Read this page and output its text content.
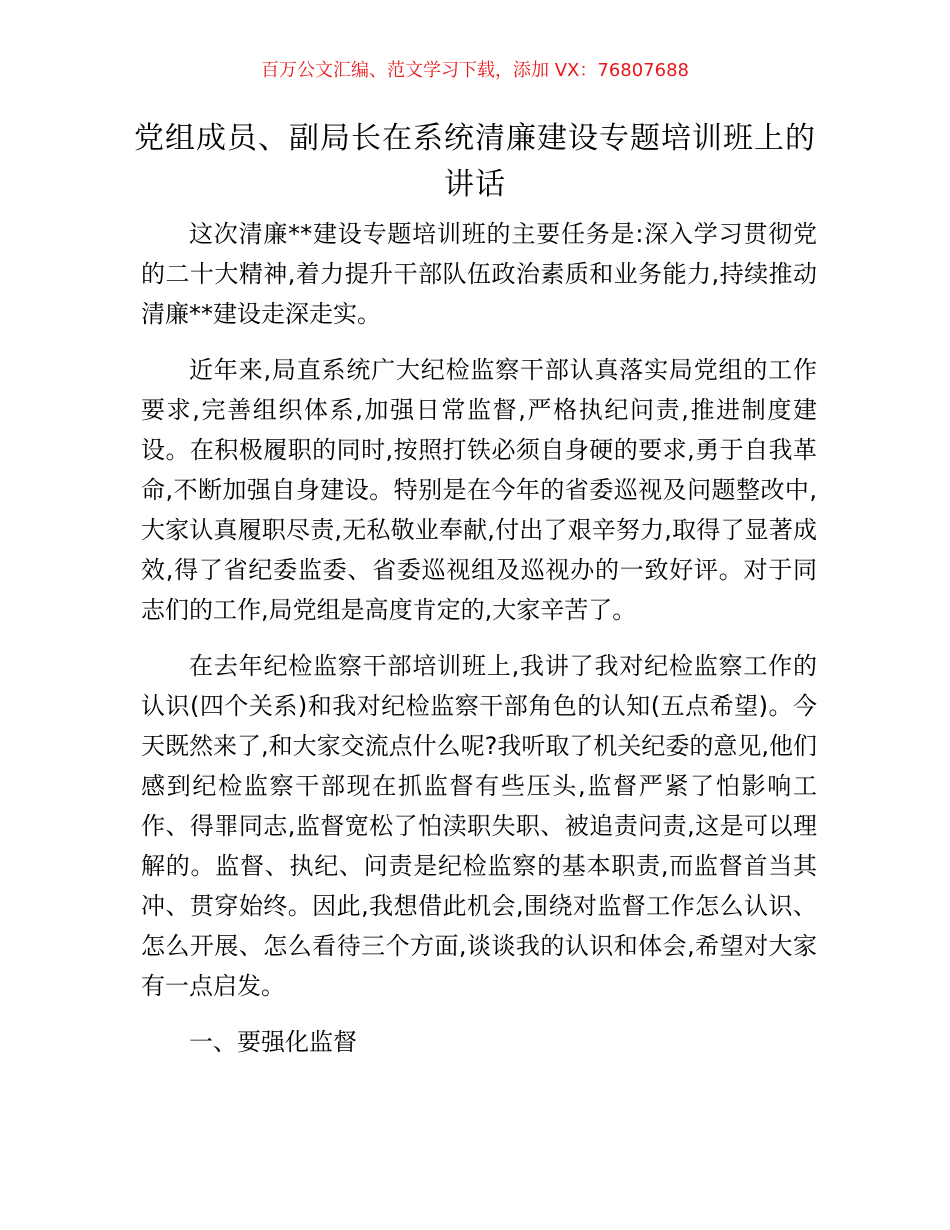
百万公文汇编、范文学习下载，添加 VX：76807688
党组成员、副局长在系统清廉建设专题培训班上的讲话

这次清廉**建设专题培训班的主要任务是:深入学习贯彻党的二十大精神,着力提升干部队伍政治素质和业务能力,持续推动清廉**建设走深走实。

近年来,局直系统广大纪检监察干部认真落实局党组的工作要求,完善组织体系,加强日常监督,严格执纪问责,推进制度建设。在积极履职的同时,按照打铁必须自身硬的要求,勇于自我革命,不断加强自身建设。特别是在今年的省委巡视及问题整改中,大家认真履职尽责,无私敬业奉献,付出了艰辛努力,取得了显著成效,得了省纪委监委、省委巡视组及巡视办的一致好评。对于同志们的工作,局党组是高度肯定的,大家辛苦了。

在去年纪检监察干部培训班上,我讲了我对纪检监察工作的认识(四个关系)和我对纪检监察干部角色的认知(五点希望)。今天既然来了,和大家交流点什么呢?我听取了机关纪委的意见,他们感到纪检监察干部现在抓监督有些压头,监督严紧了怕影响工作、得罪同志,监督宽松了怕渎职失职、被追责问责,这是可以理解的。监督、执纪、问责是纪检监察的基本职责,而监督首当其冲、贯穿始终。因此,我想借此机会,围绕对监督工作怎么认识、怎么开展、怎么看待三个方面,谈谈我的认识和体会,希望对大家有一点启发。

一、要强化监督
